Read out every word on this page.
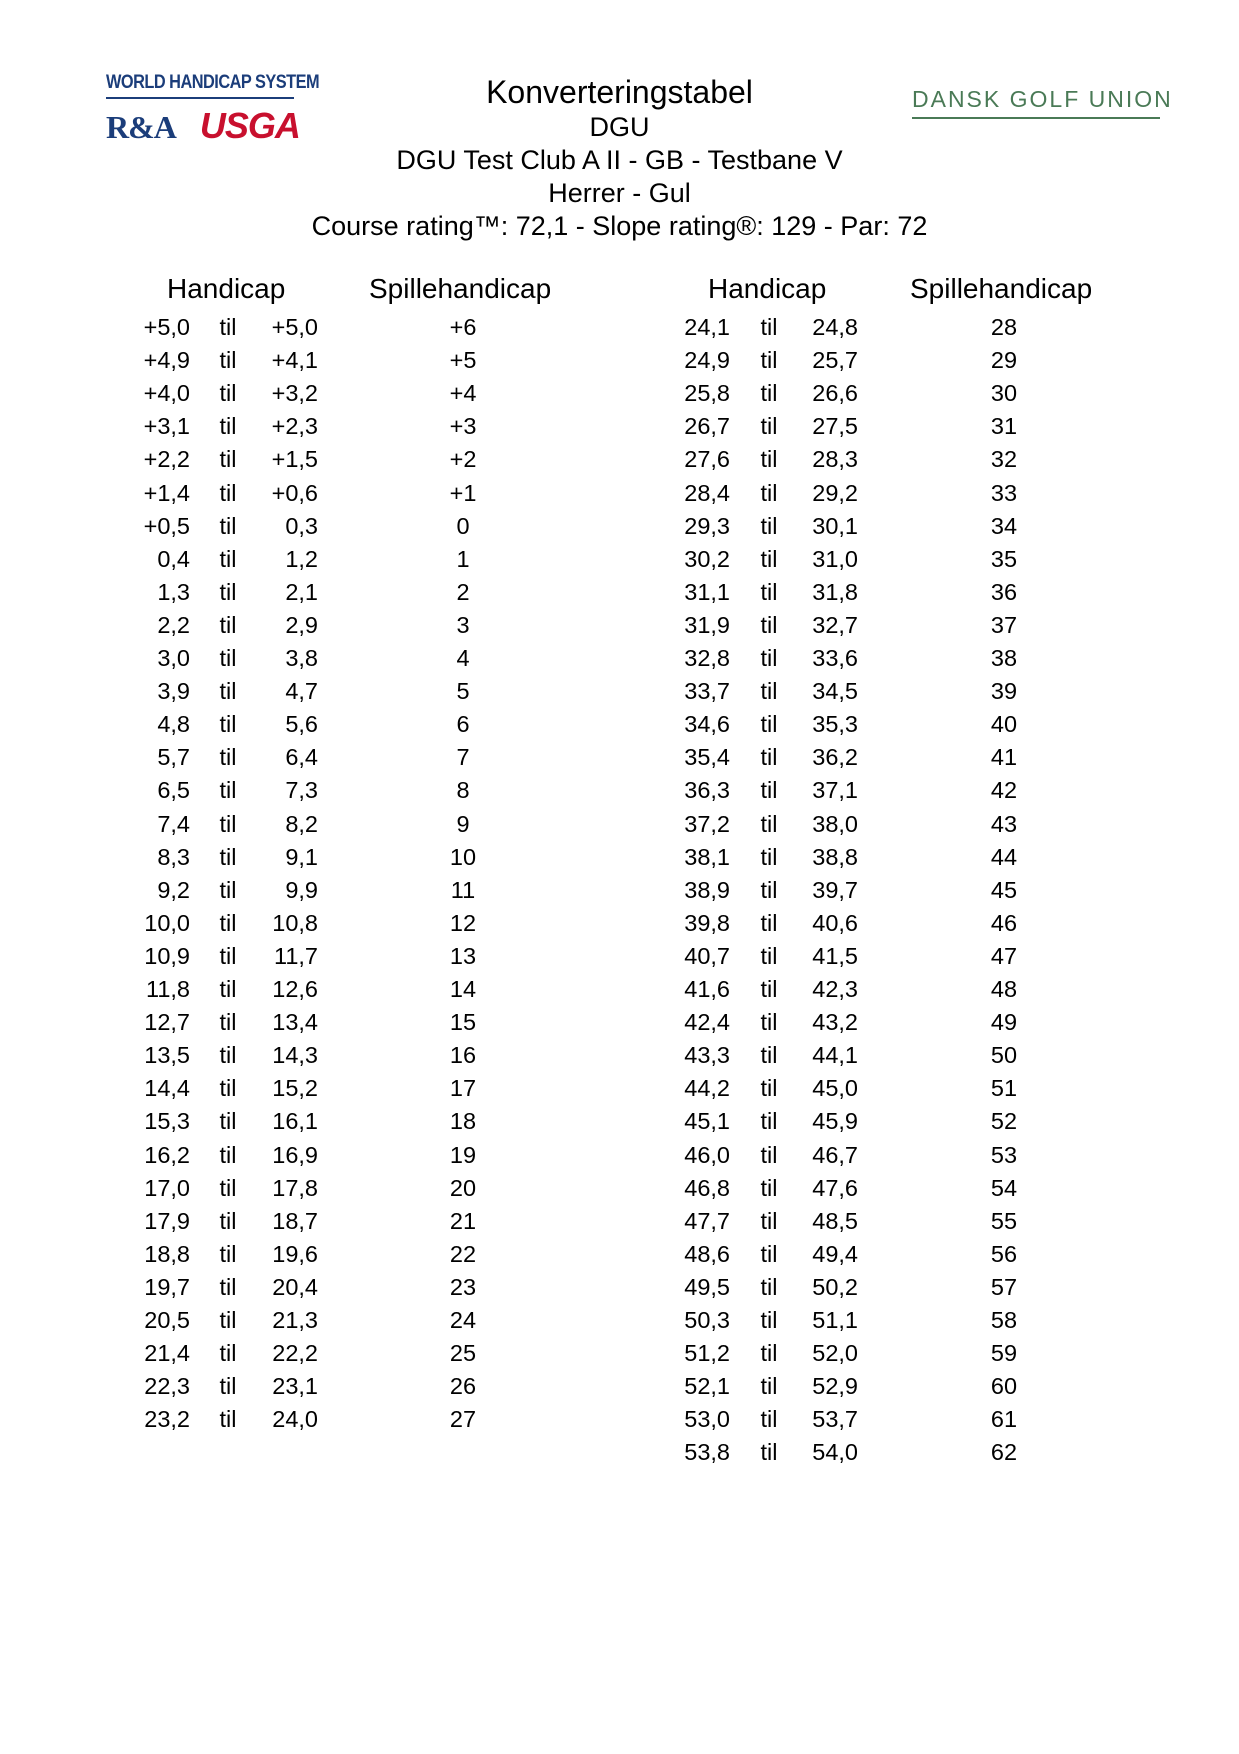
WORLD HANDICAP SYSTEM
R&A USGA
DANSK GOLF UNION
Konverteringstabel
DGU
DGU Test Club A II - GB - Testbane V
Herrer - Gul
Course rating™: 72,1 - Slope rating®: 129 - Par: 72
Handicap	Spillehandicap	Handicap	Spillehandicap
+5,0	til	+5,0	+6
+4,9	til	+4,1	+5
+4,0	til	+3,2	+4
+3,1	til	+2,3	+3
+2,2	til	+1,5	+2
+1,4	til	+0,6	+1
+0,5	til	0,3	0
0,4	til	1,2	1
1,3	til	2,1	2
2,2	til	2,9	3
3,0	til	3,8	4
3,9	til	4,7	5
4,8	til	5,6	6
5,7	til	6,4	7
6,5	til	7,3	8
7,4	til	8,2	9
8,3	til	9,1	10
9,2	til	9,9	11
10,0	til	10,8	12
10,9	til	11,7	13
11,8	til	12,6	14
12,7	til	13,4	15
13,5	til	14,3	16
14,4	til	15,2	17
15,3	til	16,1	18
16,2	til	16,9	19
17,0	til	17,8	20
17,9	til	18,7	21
18,8	til	19,6	22
19,7	til	20,4	23
20,5	til	21,3	24
21,4	til	22,2	25
22,3	til	23,1	26
23,2	til	24,0	27
24,1	til	24,8	28
24,9	til	25,7	29
25,8	til	26,6	30
26,7	til	27,5	31
27,6	til	28,3	32
28,4	til	29,2	33
29,3	til	30,1	34
30,2	til	31,0	35
31,1	til	31,8	36
31,9	til	32,7	37
32,8	til	33,6	38
33,7	til	34,5	39
34,6	til	35,3	40
35,4	til	36,2	41
36,3	til	37,1	42
37,2	til	38,0	43
38,1	til	38,8	44
38,9	til	39,7	45
39,8	til	40,6	46
40,7	til	41,5	47
41,6	til	42,3	48
42,4	til	43,2	49
43,3	til	44,1	50
44,2	til	45,0	51
45,1	til	45,9	52
46,0	til	46,7	53
46,8	til	47,6	54
47,7	til	48,5	55
48,6	til	49,4	56
49,5	til	50,2	57
50,3	til	51,1	58
51,2	til	52,0	59
52,1	til	52,9	60
53,0	til	53,7	61
53,8	til	54,0	62
